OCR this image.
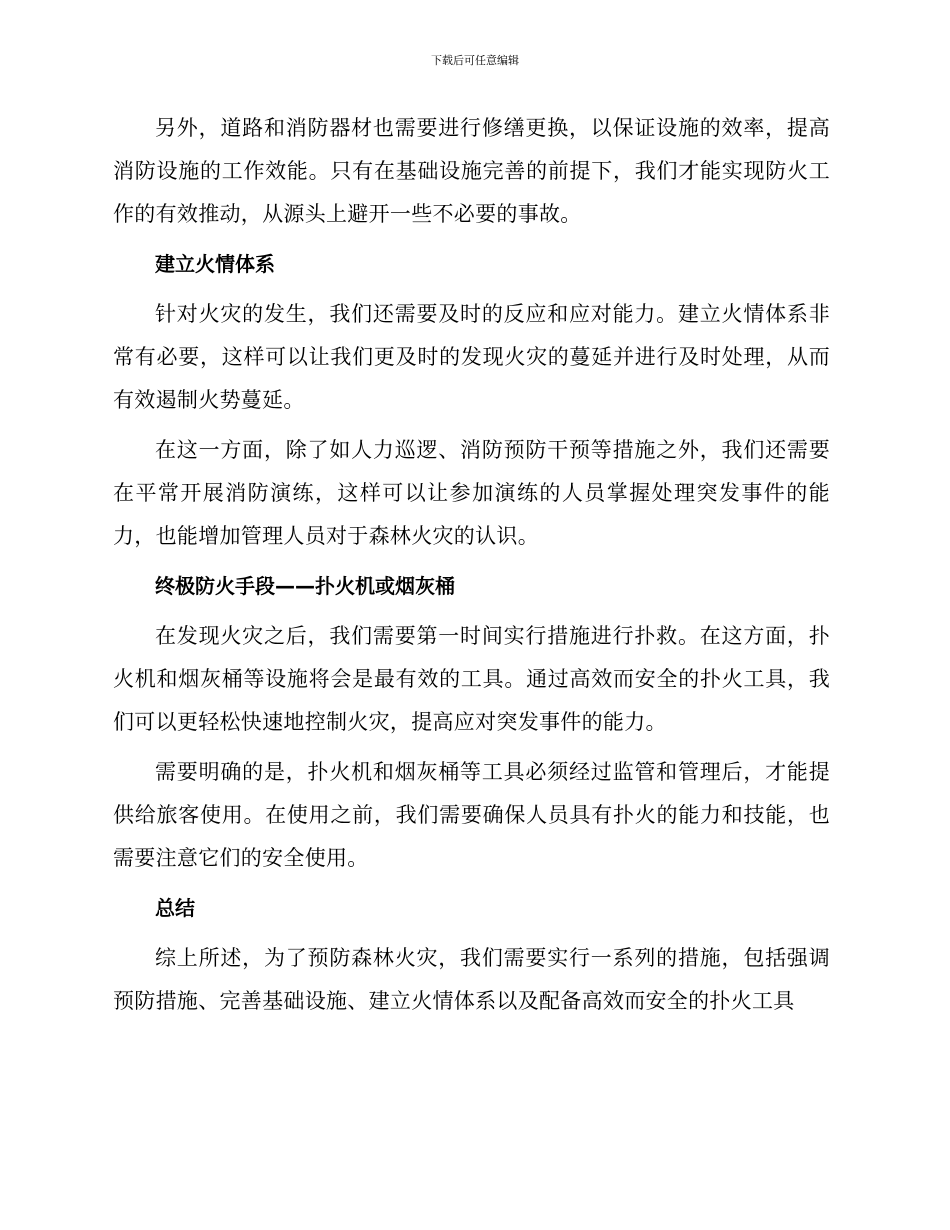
下载后可任意编辑

另外，道路和消防器材也需要进行修缮更换，以保证设施的效率，提高消防设施的工作效能。只有在基础设施完善的前提下，我们才能实现防火工作的有效推动，从源头上避开一些不必要的事故。

建立火情体系

针对火灾的发生，我们还需要及时的反应和应对能力。建立火情体系非常有必要，这样可以让我们更及时的发现火灾的蔓延并进行及时处理，从而有效遏制火势蔓延。

在这一方面，除了如人力巡逻、消防预防干预等措施之外，我们还需要在平常开展消防演练，这样可以让参加演练的人员掌握处理突发事件的能力，也能增加管理人员对于森林火灾的认识。

终极防火手段——扑火机或烟灰桶

在发现火灾之后，我们需要第一时间实行措施进行扑救。在这方面，扑火机和烟灰桶等设施将会是最有效的工具。通过高效而安全的扑火工具，我们可以更轻松快速地控制火灾，提高应对突发事件的能力。

需要明确的是，扑火机和烟灰桶等工具必须经过监管和管理后，才能提供给旅客使用。在使用之前，我们需要确保人员具有扑火的能力和技能，也需要注意它们的安全使用。

总结

综上所述，为了预防森林火灾，我们需要实行一系列的措施，包括强调预防措施、完善基础设施、建立火情体系以及配备高效而安全的扑火工具
